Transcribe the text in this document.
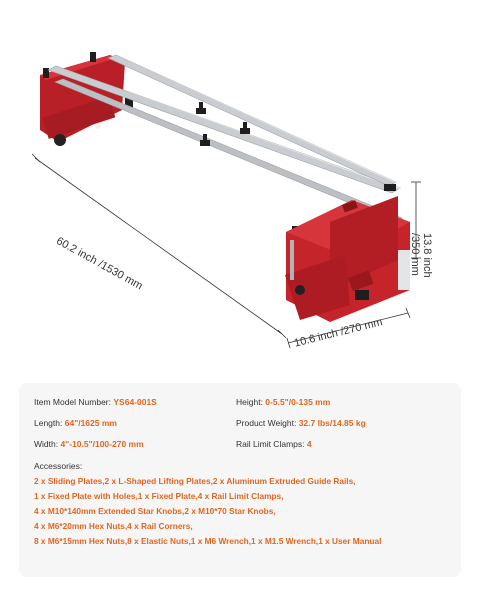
60.2 inch /1530 mm
10.6 inch /270 mm
13.8 inch
/350 mm
Item Model Number: YS64-001S
Length: 64"/1625 mm
Width: 4"-10.5"/100-270 mm
Height: 0-5.5"/0-135 mm
Product Weight: 32.7 lbs/14.85 kg
Rail Limit Clamps: 4
Accessories:
2 x Sliding Plates,2 x L-Shaped Lifting Plates,2 x Aluminum Extruded Guide Rails,
1 x Fixed Plate with Holes,1 x Fixed Plate,4 x Rail Limit Clamps,
4 x M10*140mm Extended Star Knobs,2 x M10*70 Star Knobs,
4 x M6*20mm Hex Nuts,4 x Rail Corners,
8 x M6*15mm Hex Nuts,8 x Elastic Nuts,1 x M6 Wrench,1 x M1.5 Wrench,1 x User Manual
